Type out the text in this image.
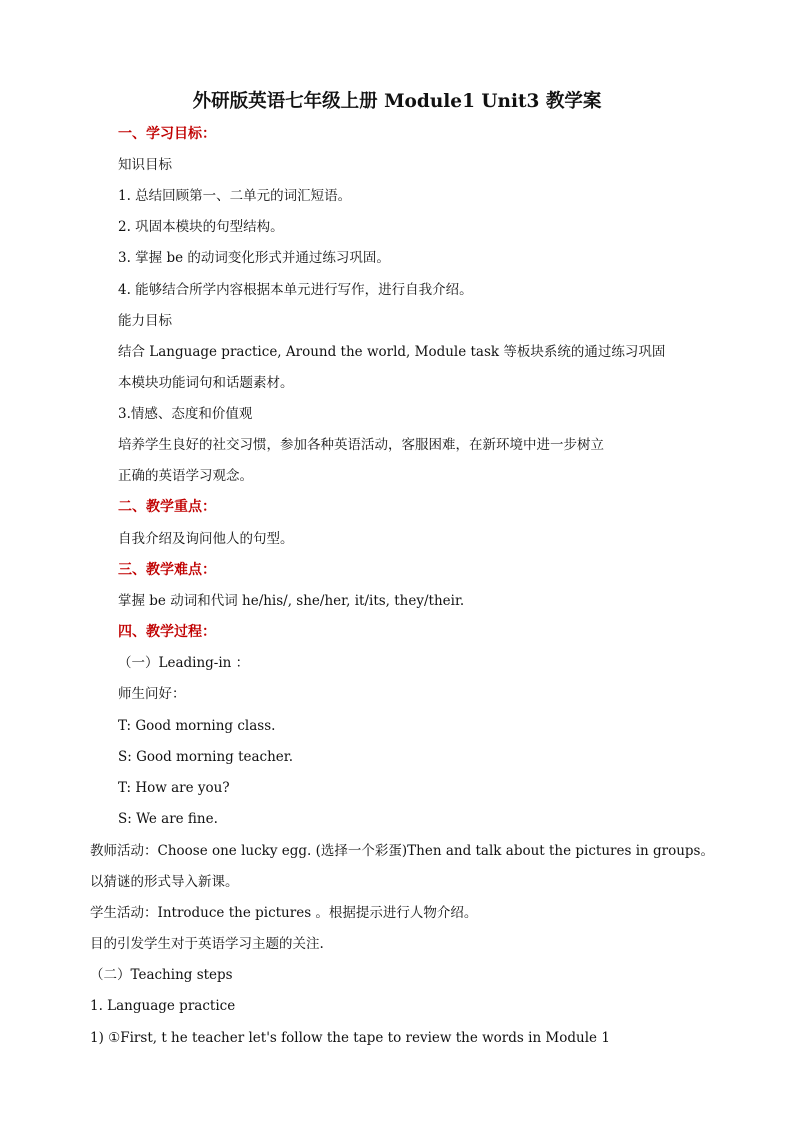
外研版英语七年级上册 Module1 Unit3 教学案
一、学习目标：
知识目标
1. 总结回顾第一、二单元的词汇短语。
2. 巩固本模块的句型结构。
3. 掌握 be 的动词变化形式并通过练习巩固。
4. 能够结合所学内容根据本单元进行写作，进行自我介绍。
能力目标
结合 Language practice, Around the world, Module task 等板块系统的通过练习巩固
本模块功能词句和话题素材。
3.情感、态度和价值观
培养学生良好的社交习惯，参加各种英语活动，客服困难，在新环境中进一步树立
正确的英语学习观念。
二、教学重点：
自我介绍及询问他人的句型。
三、教学难点：
掌握 be 动词和代词 he/his/, she/her, it/its, they/their.
四、教学过程：
（一）Leading-in ：
师生问好：
T: Good morning class.
S: Good morning teacher.
T: How are you?
S: We are fine.
教师活动：Choose one lucky egg. (选择一个彩蛋)Then and talk about the pictures in groups。
以猜谜的形式导入新课。
学生活动：Introduce the pictures 。根据提示进行人物介绍。
目的引发学生对于英语学习主题的关注.
（二）Teaching steps
1. Language practice
1) ①First, t he teacher let's follow the tape to review the words in Module 1
